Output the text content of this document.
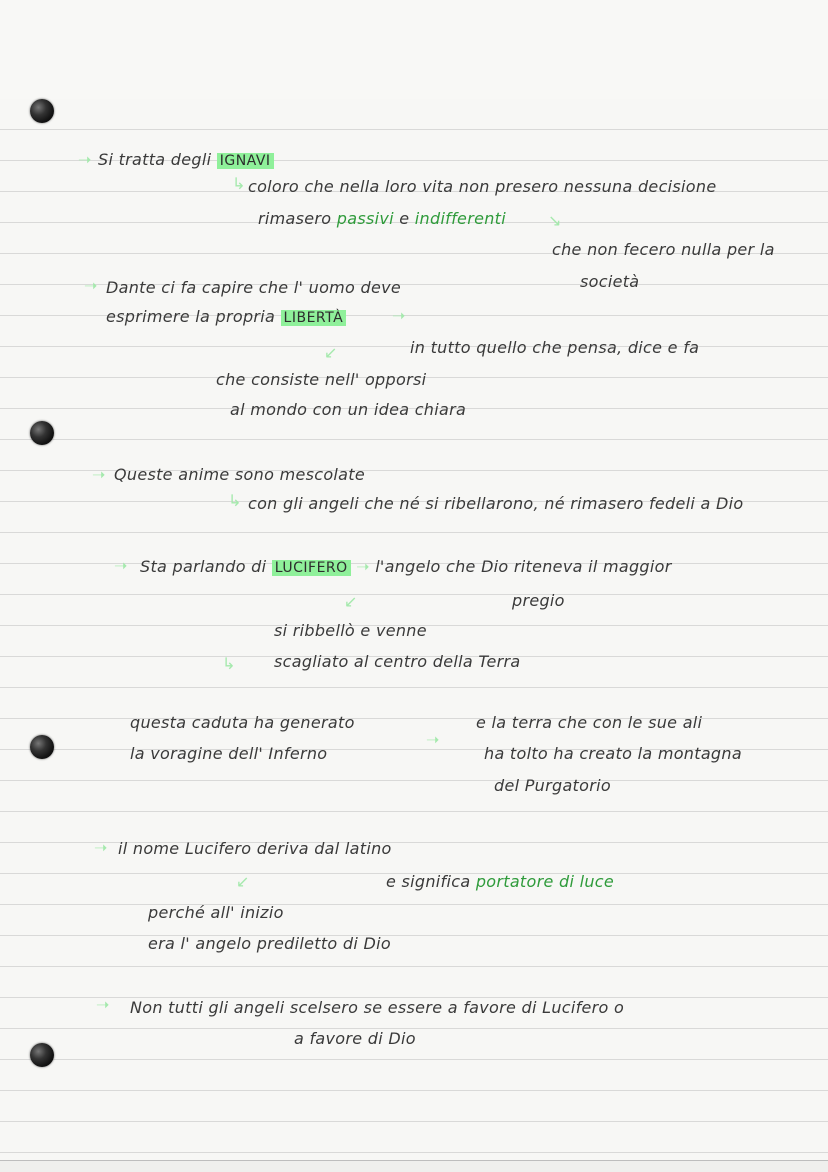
➝ Si tratta degli IGNAVI
↳ coloro che nella loro vita non presero nessuna decisione
rimasero passivi e indifferenti	↘
che non fecero nulla per la
società
➝ Dante ci fa capire che l' uomo deve
esprimere la propria LIBERTÀ	➝
in tutto quello che pensa, dice e fa
↙
che consiste nell' opporsi
al mondo con un idea chiara
➝ Queste anime sono mescolate
↳ con gli angeli che né si ribellarono, né rimasero fedeli a Dio
➝ Sta parlando di LUCIFERO ➝ l'angelo che Dio riteneva il maggior
pregio
↙
si ribbellò e venne
↳ scagliato al centro della Terra
questa caduta ha generato
la voragine dell' Inferno
➝
e la terra che con le sue ali
ha tolto ha creato la montagna
del Purgatorio
➝ il nome Lucifero deriva dal latino
↙	e significa portatore di luce
perché all' inizio
era l' angelo prediletto di Dio
➝ Non tutti gli angeli scelsero se essere a favore di Lucifero o
a favore di Dio
